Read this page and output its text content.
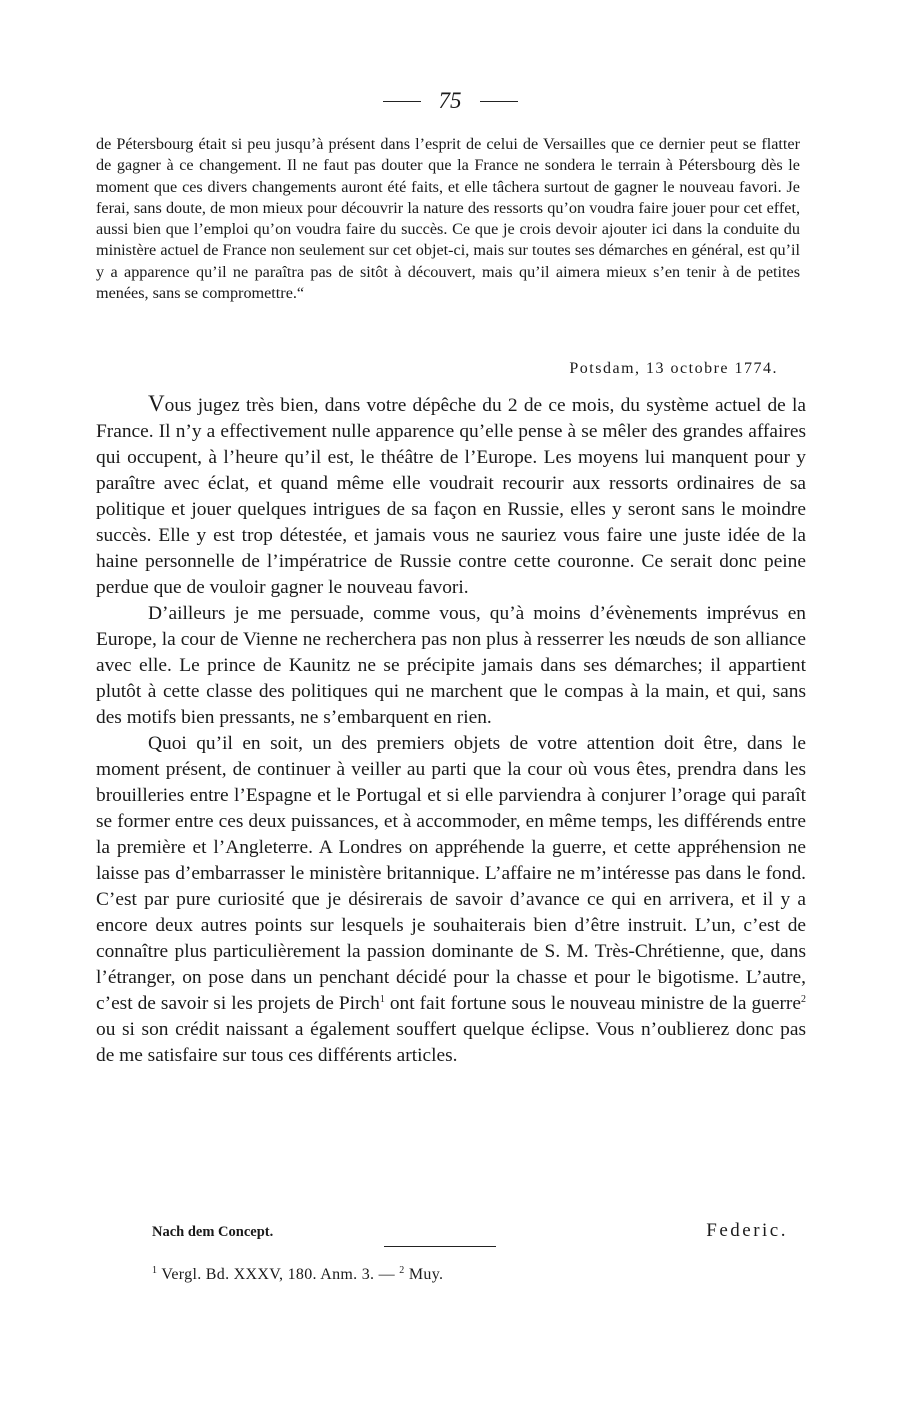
75

de Pétersbourg était si peu jusqu’à présent dans l’esprit de celui de Versailles que ce dernier peut se flatter de gagner à ce changement. Il ne faut pas douter que la France ne sondera le terrain à Pétersbourg dès le moment que ces divers changements auront été faits, et elle tâchera surtout de gagner le nouveau favori. Je ferai, sans doute, de mon mieux pour découvrir la nature des ressorts qu’on voudra faire jouer pour cet effet, aussi bien que l’emploi qu’on voudra faire du succès. Ce que je crois devoir ajouter ici dans la conduite du ministère actuel de France non seulement sur cet objet-ci, mais sur toutes ses démarches en général, est qu’il y a apparence qu’il ne paraîtra pas de sitôt à découvert, mais qu’il aimera mieux s’en tenir à de petites menées, sans se compromettre.“

Potsdam, 13 octobre 1774.

Vous jugez très bien, dans votre dépêche du 2 de ce mois, du système actuel de la France. Il n’y a effectivement nulle apparence qu’elle pense à se mêler des grandes affaires qui occupent, à l’heure qu’il est, le théâtre de l’Europe. Les moyens lui manquent pour y paraître avec éclat, et quand même elle voudrait recourir aux ressorts ordinaires de sa politique et jouer quelques intrigues de sa façon en Russie, elles y seront sans le moindre succès. Elle y est trop détestée, et jamais vous ne sauriez vous faire une juste idée de la haine personnelle de l’impératrice de Russie contre cette couronne. Ce serait donc peine perdue que de vouloir gagner le nouveau favori.

D’ailleurs je me persuade, comme vous, qu’à moins d’évènements imprévus en Europe, la cour de Vienne ne recherchera pas non plus à resserrer les nœuds de son alliance avec elle. Le prince de Kaunitz ne se précipite jamais dans ses démarches; il appartient plutôt à cette classe des politiques qui ne marchent que le compas à la main, et qui, sans des motifs bien pressants, ne s’embarquent en rien.

Quoi qu’il en soit, un des premiers objets de votre attention doit être, dans le moment présent, de continuer à veiller au parti que la cour où vous êtes, prendra dans les brouilleries entre l’Espagne et le Portugal et si elle parviendra à conjurer l’orage qui paraît se former entre ces deux puissances, et à accommoder, en même temps, les différends entre la première et l’Angleterre. A Londres on appréhende la guerre, et cette appréhension ne laisse pas d’embarrasser le ministère britannique. L’affaire ne m’intéresse pas dans le fond. C’est par pure curiosité que je désirerais de savoir d’avance ce qui en arrivera, et il y a encore deux autres points sur lesquels je souhaiterais bien d’être instruit. L’un, c’est de connaître plus particulièrement la passion dominante de S. M. Très-Chrétienne, que, dans l’étranger, on pose dans un penchant décidé pour la chasse et pour le bigotisme. L’autre, c’est de savoir si les projets de Pirch$^1$ ont fait fortune sous le nouveau ministre de la guerre$^2$ ou si son crédit naissant a également souffert quelque éclipse. Vous n’oublierez donc pas de me satisfaire sur tous ces différents articles.

Nach dem Concept.	Federic.
$^1$ Vergl. Bd. XXXV, 180. Anm. 3. — $^2$ Muy.
